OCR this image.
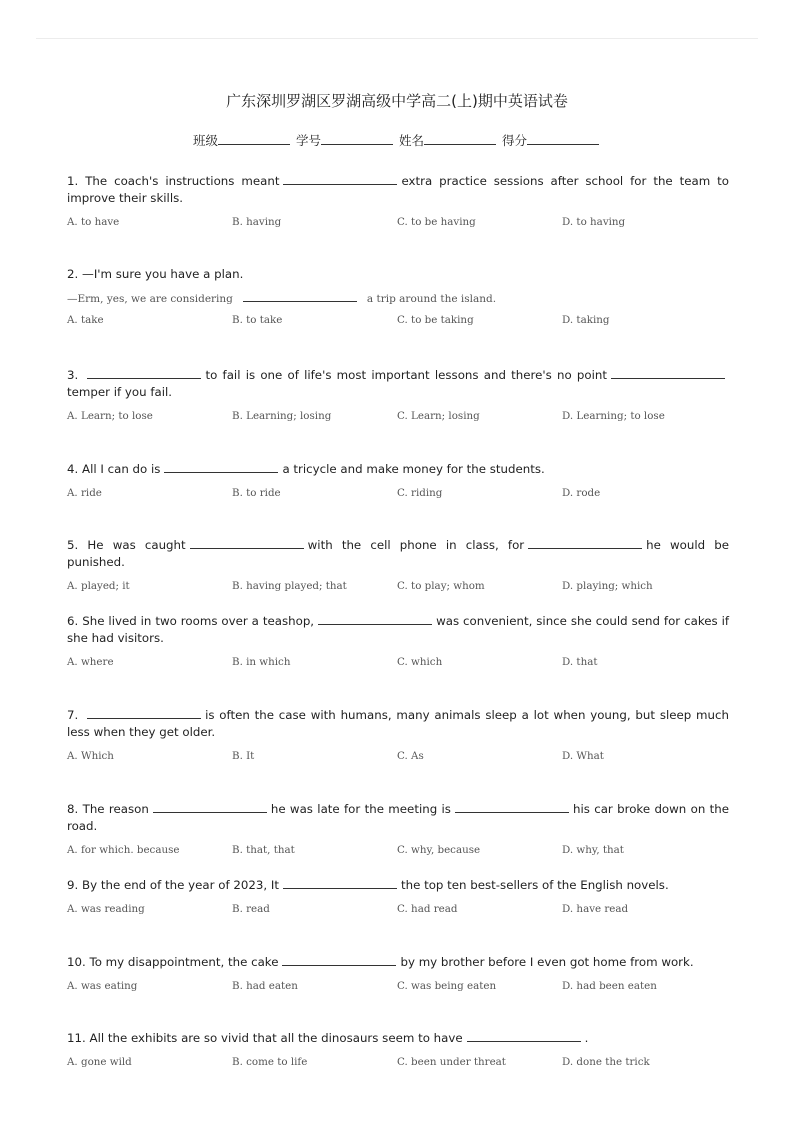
广东深圳罗湖区罗湖高级中学高二(上)期中英语试卷
班级	学号	姓名	得分
1. The coach's instructions meant	extra practice sessions after school for the team to improve their skills.
A. to have	B. having	C. to be having	D. to having
2. —I'm sure you have a plan.
—Erm, yes, we are considering	a trip around the island.
A. take	B. to take	C. to be taking	D. taking
3.	to fail is one of life's most important lessons and there's no pointtemper if you fail.
A. Learn; to lose	B. Learning; losing	C. Learn; losing	D. Learning; to lose
4. All I can do is	a tricycle and make money for the students.
A. ride	B. to ride	C. riding	D. rode
5. He was caught	with the cell phone in class, for	he would be punished.
A. played; it	B. having played; that	C. to play; whom	D. playing; which
6. She lived in two rooms over a teashop,	was convenient, since she could send for cakes if she had visitors.
A. where	B. in which	C. which	D. that
7.	is often the case with humans, many animals sleep a lot when young, but sleep much less when they get older.
A. Which	B. It	C. As	D. What
8. The reason	he was late for the meeting is	his car broke down on the road.
A. for which. because	B. that, that	C. why, because	D. why, that
9. By the end of the year of 2023, It	the top ten best-sellers of the English novels.
A. was reading	B. read	C. had read	D. have read
10. To my disappointment, the cake	by my brother before I even got home from work.
A. was eating	B. had eaten	C. was being eaten	D. had been eaten
11. All the exhibits are so vivid that all the dinosaurs seem to have	.
A. gone wild	B. come to life	C. been under threat	D. done the trick
